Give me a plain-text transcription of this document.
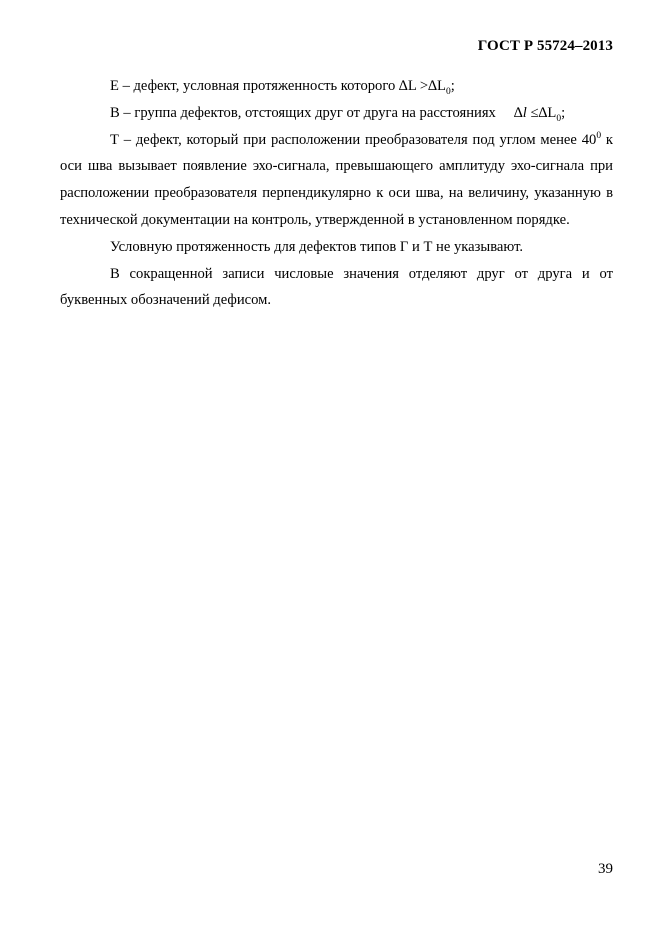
ГОСТ Р 55724–2013

Е – дефект, условная протяженность которого $\Delta L >\Delta L_0$;

В – группа дефектов, отстоящих друг от друга на расстояниях $\Delta l \le\Delta L_0$;

Т – дефект, который при расположении преобразователя под углом менее $40^0$ к оси шва вызывает появление эхо-сигнала, превышающего амплитуду эхо-сигнала при расположении преобразователя перпендикулярно к оси шва, на величину, указанную в технической документации на контроль, утвержденной в установленном порядке.

Условную протяженность для дефектов типов Г и Т не указывают.

В сокращенной записи числовые значения отделяют друг от друга и от буквенных обозначений дефисом.

39
